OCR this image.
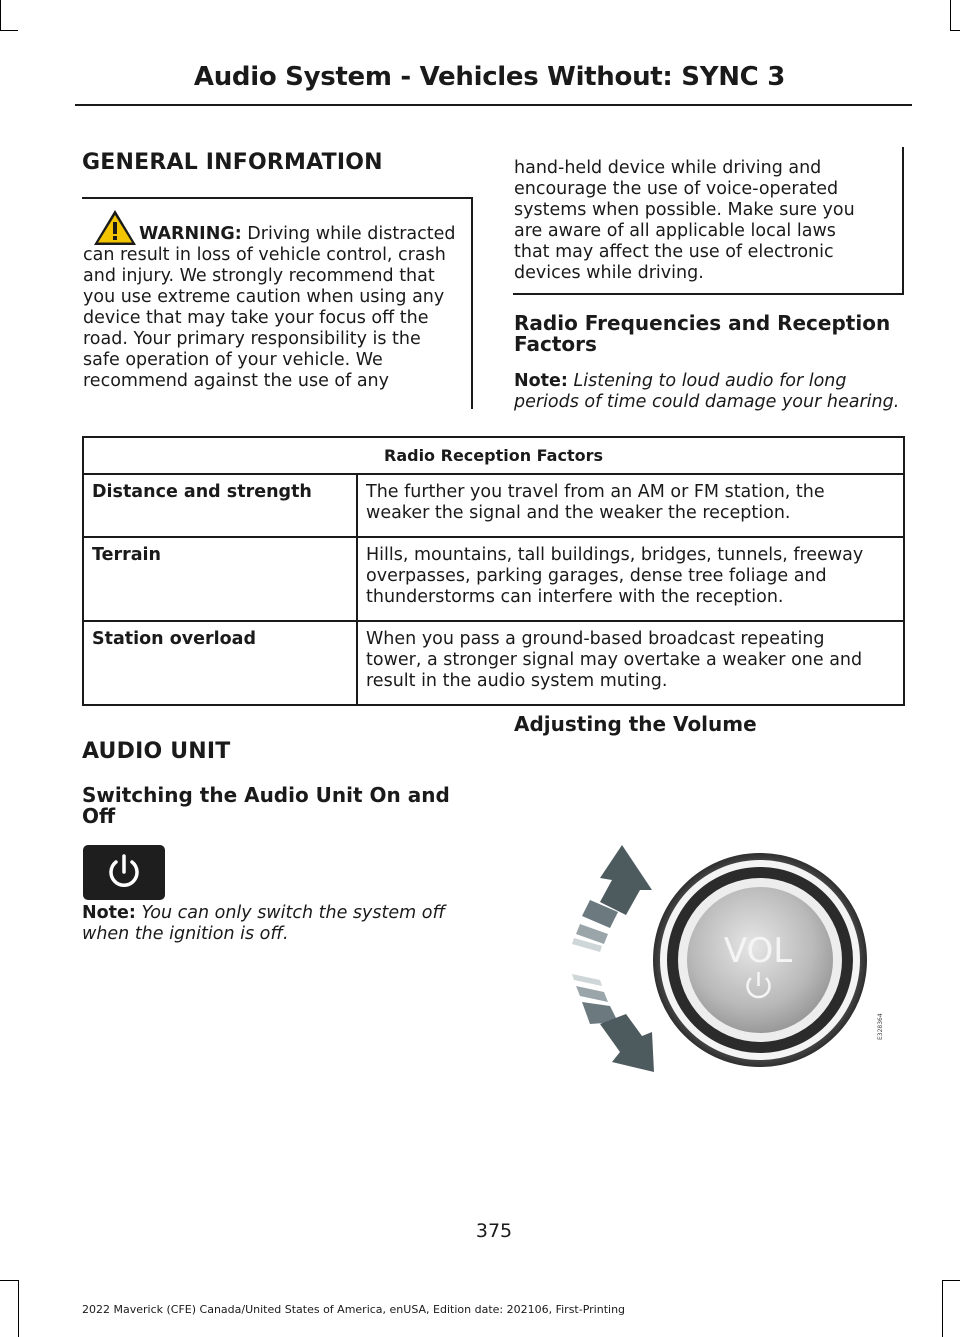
Audio System - Vehicles Without: SYNC 3
GENERAL INFORMATION
WARNING: Driving while distracted
can result in loss of vehicle control, crash
and injury. We strongly recommend that
you use extreme caution when using any
device that may take your focus off the
road. Your primary responsibility is the
safe operation of your vehicle. We
recommend against the use of any
hand-held device while driving and
encourage the use of voice-operated
systems when possible. Make sure you
are aware of all applicable local laws
that may affect the use of electronic
devices while driving.
Radio Frequencies and Reception
Factors
Note: Listening to loud audio for long
periods of time could damage your hearing.
Radio Reception Factors	
Distance and strength	The further you travel from an AM or FM station, the
weaker the signal and the weaker the reception.

Terrain	Hills, mountains, tall buildings, bridges, tunnels, freeway
overpasses, parking garages, dense tree foliage and
thunderstorms can interfere with the reception.

Station overload	When you pass a ground-based broadcast repeating
tower, a stronger signal may overtake a weaker one and
result in the audio system muting.
AUDIO UNIT
Switching the Audio Unit On and
Off
Note: You can only switch the system off
when the ignition is off.
Adjusting the Volume
VOL
E328364
375
2022 Maverick (CFE) Canada/United States of America, enUSA, Edition date: 202106, First-Printing
